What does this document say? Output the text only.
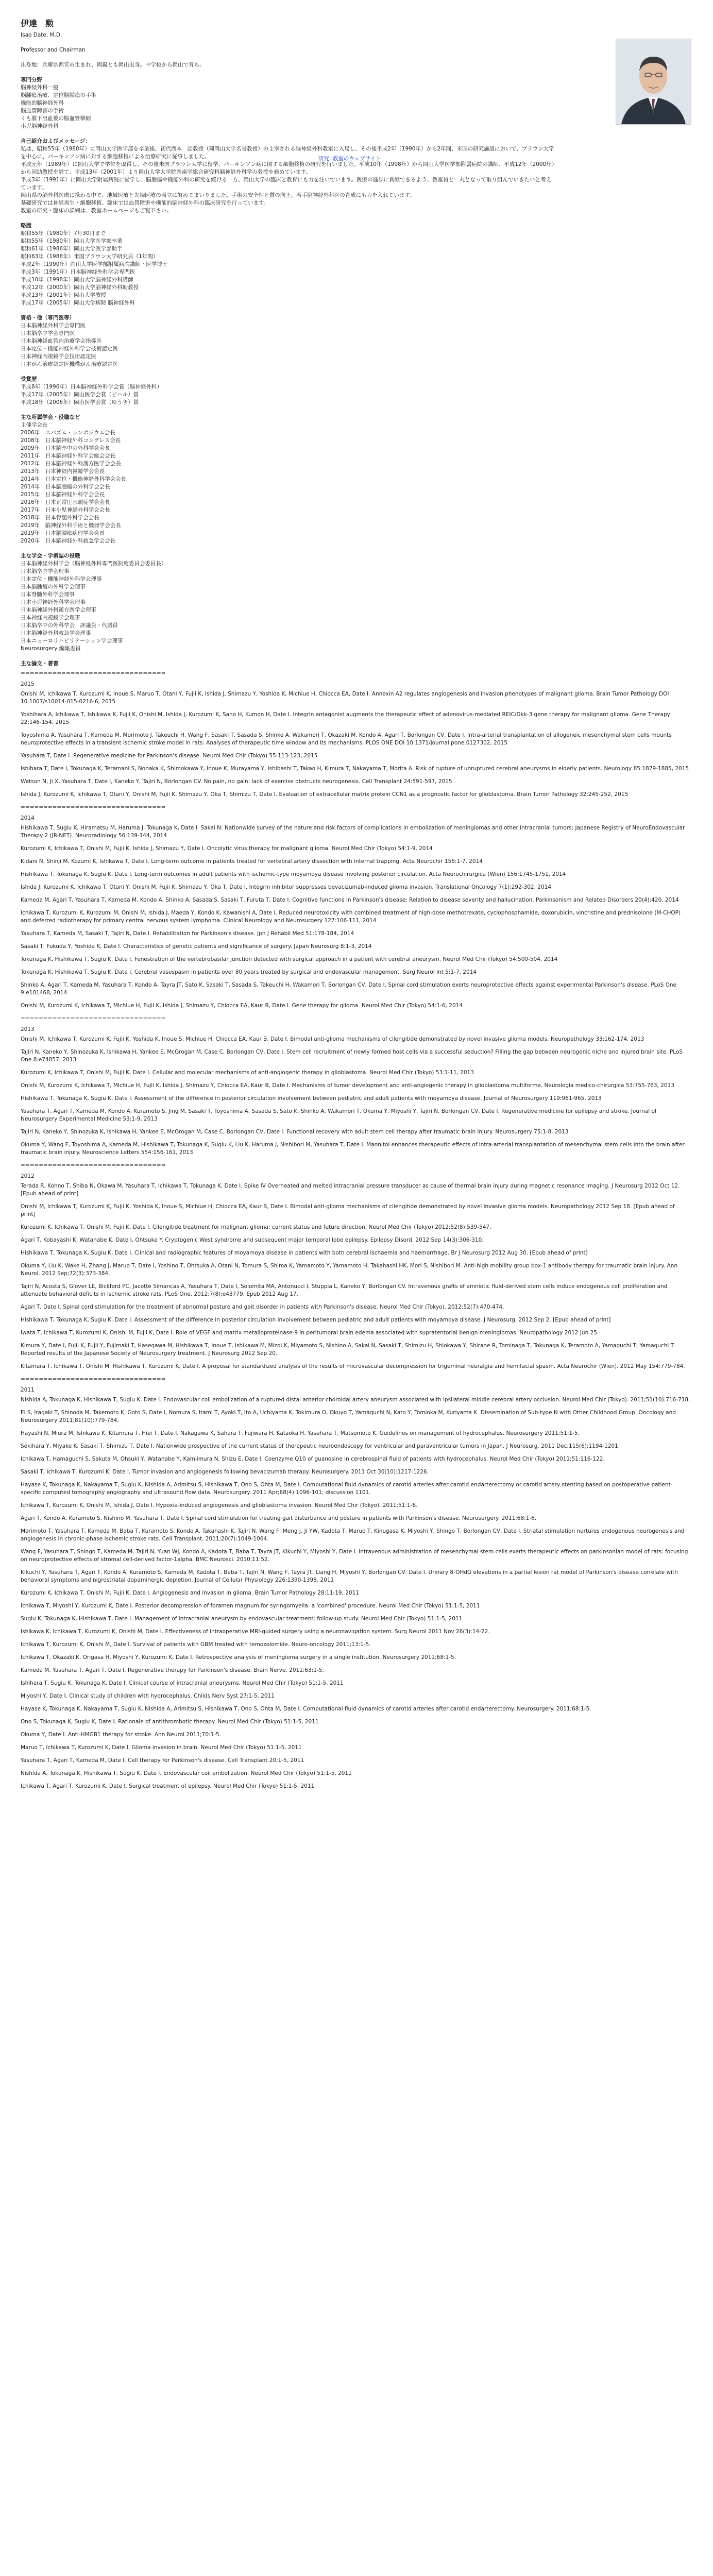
伊達　勲

Isao Date, M.D.

Professor and Chairman

出身地：兵庫県西宮市生まれ、両親とも岡山出身。中学校から岡山で育ち。

専門分野

脳神経外科一般

脳腫瘍治療、定位脳腫瘍の手術

機能的脳神経外科

脳血管障害の手術

くも膜下出血後の脳血管攣縮

小児脳神経外科

自己紹介およびメッセージ：

私は、昭和55年（1980年）に岡山大学医学部を卒業後、初代西本　詮教授（岡岡山大学名誉教授）の主宰される脳神経外科教室に入局し、その後平成2年（1990年）から2年間、米国の研究施設において、ブラウン大学を中心に、パーキンソン病に対する細胞移植による治療研究に従事しました。

平成元年（1989年）に岡山大学で学位を取得し、その後米国ブラウン大学に留学、パーキンソン病に関する細胞移植の研究を行いました。平成10年（1998年）から岡山大学医学部附属病院の講師、平成12年（2000年）から同助教授を経て、平成13年（2001年）より岡山大学大学院医歯学総合研究科脳神経外科学の教授を務めています。

平成3年（1991年）に岡山大学附属病院に帰学し、脳腫瘍や機能外科の研究を続ける一方、岡山大学の臨床と教育にも力を注いでいます。医療の進歩に貢献できるよう、教室員と一丸となって取り組んでいきたいと考えています。

岡山県の脳外科医療に携わる中で、地域医療と先端医療の両立に努めてまいりました。手術の安全性と質の向上、若手脳神経外科医の育成にも力を入れています。

基礎研究では神経再生・細胞移植、臨床では血管障害や機能的脳神経外科の臨床研究を行っています。

教室の研究・臨床の詳細は、教室ホームページもご覧下さい。

略歴

昭和55年（1980年）7月30日まで

昭和55年（1980年）岡山大学医学部卒業

昭和61年（1986年）岡山大学医学部助手

昭和63年（1988年）米国ブラウン大学研究員（1年間）

平成2年（1990年）岡山大学医学部附属病院講師・医学博士

平成3年（1991年）日本脳神経外科学会専門医

平成10年（1998年）岡山大学脳神経外科講師

平成12年（2000年）岡山大学脳神経外科助教授

平成13年（2001年）岡山大学教授

平成17年（2005年）岡山大学病院 脳神経外科

資格・他（専門医等）

日本脳神経外科学会専門医

日本脳卒中学会専門医

日本脳神経血管内治療学会指導医

日本定位・機能神経外科学会技術認定医

日本神経内視鏡学会技術認定医

日本がん治療認定医機構がん治療認定医

受賞歴

平成8年（1996年）日本脳神経外科学会賞（脳神経外科）

平成17年（2005年）岡山医学会賞（ビハル）賞

平成18年（2006年）岡山医学会賞（ゆうき）賞

主な所属学会・役職など

主催学会長

2006年　スパズム・シンポジウム会長

2008年　日本脳神経外科コングレス会長

2009年　日本脳卒中の外科学会会長

2011年　日本脳神経外科学会総会会長

2012年　日本脳神経外科漢方医学会会長

2013年　日本神経内視鏡学会会長

2014年　日本定位・機能神経外科学会会長

2014年　日本脳腫瘍の外科学会会長

2015年　日本脳神経外科学会会長

2016年　日本正常圧水頭症学会会長

2017年　日本小児神経外科学会会長

2018年　日本脊髄外科学会会長

2019年　脳神経外科手術と機器学会会長

2019年　日本脳腫瘍病理学会会長

2020年　日本脳神経外科救急学会会長

主な学会・学術誌の役職

日本脳神経外科学会（脳神経外科専門医制度委員会委員長）

日本脳卒中学会理事

日本定位・機能神経外科学会理事

日本脳腫瘍の外科学会理事

日本脊髄外科学会理事

日本小児神経外科学会理事

日本脳神経外科漢方医学会理事

日本神経内視鏡学会理事

日本脳卒中の外科学会　評議員・代議員

日本脳神経外科救急学会理事

日本ニューロリハビリテーション学会理事

Neurosurgery 編集委員

主な論文・著書

================================

2015

Onishi M, Ichikawa T, Kurozumi K, Inoue S, Maruo T, Otani Y, Fujii K, Ishida J, Shimazu Y, Yoshida K, Michiue H, Chiocca EA, Date I. Annexin A2 regulates angiogenesis and invasion phenotypes of malignant glioma. Brain Tumor Pathology DOI 10.1007/s10014-015-0216-6, 2015

Yoshihara A, Ichikawa T, Ishikawa K, Fujii K, Onishi M, Ishida J, Kurozumi K, Sano H, Kumon H, Date I. Integrin antagonist augments the therapeutic effect of adenovirus-mediated REIC/Dkk-3 gene therapy for malignant glioma. Gene Therapy 22:146-154, 2015

Toyoshima A, Yasuhara T, Kameda M, Morimoto J, Takeuchi H, Wang F, Sasaki T, Sasada S, Shinko A, Wakamori T, Okazaki M, Kondo A, Agari T, Borlongan CV, Date I. Intra-arterial transplantation of allogeneic mesenchymal stem cells mounts neuroprotective effects in a transient ischemic stroke model in rats: Analyses of therapeutic time window and its mechanisms. PLOS ONE DOI 10.1371/journal.pone.0127302, 2015

Yasuhara T, Date I. Regenerative medicine for Parkinson's disease. Neurol Med Chir (Tokyo) 55:113-123, 2015

Ishihara T, Date I, Tokunaga K, Teramani S, Nonaka K, Shimokawa Y, Inoue K, Murayama Y, Ishibashi T, Takao H, Kimura T, Nakayama T, Morita A. Risk of rupture of unruptured cerebral aneurysms in elderly patients. Neurology 85:1879-1885, 2015

Watson N, Ji X, Yasuhara T, Date I, Kaneko Y, Tajiri N, Borlongan CV. No pain, no gain: lack of exercise obstructs neurogenesis. Cell Transplant 24:591-597, 2015

Ishida J, Kurozumi K, Ichikawa T, Otani Y, Onishi M, Fujii K, Shimazu Y, Oka T, Shimizu T, Date I. Evaluation of extracellular matrix protein CCN1 as a prognostic factor for glioblastoma. Brain Tumor Pathology 32:245-252, 2015

================================

2014

Hishikawa T, Sugiu K, Hiramatsu M, Haruma J, Tokunaga K, Date I. Sakai N: Nationwide survey of the nature and risk factors of complications in embolization of meningiomas and other intracranial tumors: Japanese Registry of NeuroEndovascular Therapy 2 (JR-NET). Neuroradiology 56:139-144, 2014

Kurozumi K, Ichikawa T, Onishi M, Fujii K, Ishida J, Shimazu Y, Date I. Oncolytic virus therapy for malignant glioma. Neurol Med Chir (Tokyo) 54:1-9, 2014

Kidani N, Shinji M, Kozumi K, Ishikawa T, Date I. Long-term outcome in patients treated for vertebral artery dissection with internal trapping. Acta Neurochir 156:1-7, 2014

Hishikawa T, Tokunaga K, Sugiu K, Date I. Long-term outcomes in adult patients with ischemic-type moyamoya disease involving posterior circulation. Acta Neurochirurgica (Wien) 156:1745-1751, 2014

Ishida J, Kurozumi K, Ichikawa T, Otani Y, Onishi M, Fujii K, Shimazu Y, Oka T, Date I. Integrin inhibitor suppresses bevacizumab-induced glioma invasion. Translational Oncology 7(1):292-302, 2014

Kameda M, Agari T, Yasuhara T, Kameda M, Kondo A, Shinko A, Sasada S, Sasaki T, Furuta T, Date I. Cognitive functions in Parkinson's disease: Relation to disease severity and hallucination. Parkinsonism and Related Disorders 20(4):420, 2014

Ichikawa T, Kurozumi K, Kurozumi M, Onishi M, Ishida J, Maeda Y, Kondo K, Kawanishi A, Date I. Reduced neurotoxicity with combined treatment of high-dose methotrexate, cyclophosphamide, doxorubicin, vincristine and prednisolone (M-CHOP) and deferred radiotherapy for primary central nervous system lymphoma. Clinical Neurology and Neurosurgery 127:106-111, 2014

Yasuhara T, Kameda M, Sasaki T, Tajiri N, Date I. Rehabilitation for Parkinson's disease. Jpn J Rehabil Med 51:178-184, 2014

Sasaki T, Fukuda Y, Yoshida K, Date I. Characteristics of genetic patients and significance of surgery. Japan Neurosurg 8:1-3, 2014

Tokunaga K, Hishikawa T, Sugiu K, Date I. Fenestration of the vertebrobasilar junction detected with surgical approach in a patient with cerebral aneurysm. Neurol Med Chir (Tokyo) 54:500-504, 2014

Tokunaga K, Hishikawa T, Sugiu K, Date I. Cerebral vasospasm in patients over 80 years treated by surgical and endovascular management. Surg Neurol Int 5:1-7, 2014

Shinko A, Agari T, Kameda M, Yasuhara T, Kondo A, Tayra JT, Sato K, Sasaki T, Sasada S, Takeuchi H, Wakamori T, Borlongan CV, Date I. Spinal cord stimulation exerts neuroprotective effects against experimental Parkinson's disease. PLoS One 9:e101468, 2014

Onishi M, Kurozumi K, Ichikawa T, Michiue H, Fujii K, Ishida J, Shimazu Y, Chiocca EA, Kaur B, Date I. Gene therapy for glioma. Neurol Med Chir (Tokyo) 54:1-6, 2014

================================

2013

Onishi M, Ichikawa T, Kurozumi K, Fujii K, Yoshida K, Inoue S, Michiue H, Chiocca EA, Kaur B, Date I. Bimodal anti-glioma mechanisms of cilengitide demonstrated by novel invasive glioma models. Neuropathology 33:162-174, 2013

Tajiri N, Kaneko Y, Shinozuka K, Ishikawa H, Yankee E, McGrogan M, Case C, Borlongan CV, Date I. Stem cell recruitment of newly formed host cells via a successful seduction? Filling the gap between neurogenic niche and injured brain site. PLoS One 8:e74857, 2013

Kurozumi K, Ichikawa T, Onishi M, Fujii K, Date I. Cellular and molecular mechanisms of anti-angiogenic therapy in glioblastoma. Neurol Med Chir (Tokyo) 53:1-11, 2013

Onishi M, Kurozumi K, Ichikawa T, Michiue H, Fujii K, Ishida J, Shimazu Y, Chiocca EA, Kaur B, Date I. Mechanisms of tumor development and anti-angiogenic therapy in glioblastoma multiforme. Neurologia medico-chirurgica 53:755-763, 2013

Hishikawa T, Tokunaga K, Sugiu K, Date I. Assessment of the difference in posterior circulation involvement between pediatric and adult patients with moyamoya disease. Journal of Neurosurgery 119:961-965, 2013

Yasuhara T, Agari T, Kameda M, Kondo A, Kuramoto S, Jing M, Sasaki T, Toyoshima A, Sasada S, Sato K, Shinko A, Wakamori T, Okuma Y, Miyoshi Y, Tajiri N, Borlongan CV, Date I. Regenerative medicine for epilepsy and stroke. Journal of Neurosurgery Experimental Medicine 53:1-9, 2013

Tajiri N, Kaneko Y, Shinozuka K, Ishikawa H, Yankee E, McGrogan M, Case C, Borlongan CV, Date I. Functional recovery with adult stem cell therapy after traumatic brain injury. Neurosurgery 75:1-8, 2013

Okuma Y, Wang F, Toyoshima A, Kameda M, Hishikawa T, Tokunaga K, Sugiu K, Liu K, Haruma J, Nishibori M, Yasuhara T, Date I. Mannitol enhances therapeutic effects of intra-arterial transplantation of mesenchymal stem cells into the brain after traumatic brain injury. Neuroscience Letters 554:156-161, 2013

================================

2012

Terada R, Kohno T, Shiba N, Okawa M, Yasuhara T, Ichikawa T, Tokunaga K, Date I. Spike IV Overheated and melted intracranial pressure transducer as cause of thermal brain injury during magnetic resonance imaging. J Neurosurg 2012 Oct 12. [Epub ahead of print]

Onishi M, Ichikawa T, Kurozumi K, Fujii K, Yoshida K, Inoue S, Michiue H, Chiocca EA, Kaur B, Date I. Bimodal anti-glioma mechanisms of cilengitide demonstrated by novel invasive glioma models. Neuropathology 2012 Sep 18. [Epub ahead of print]

Kurozumi K, Ichikawa T, Onishi M, Fujii K, Date I. Cilengitide treatment for malignant glioma: current status and future direction. Neurol Med Chir (Tokyo) 2012;52(8):539-547.

Agari T, Kobayashi K, Watanabe K, Date I, Ohtsuka Y. Cryptogenic West syndrome and subsequent major temporal lobe epilepsy. Epilepsy Disord. 2012 Sep 14(3):306-310.

Hishikawa T, Tokunaga K, Sugiu K, Date I. Clinical and radiographic features of moyamoya disease in patients with both cerebral ischaemia and haemorrhage. Br J Neurosurg 2012 Aug 30. [Epub ahead of print]

Okuma Y, Liu K, Wake H, Zhang J, Maruo T, Date I, Yoshino T, Ohtsuka A, Otani N, Tomura S, Shima K, Yamamoto Y, Yamamoto H, Takahashi HK, Mori S, Nishibori M. Anti-high mobility group box-1 antibody therapy for traumatic brain injury. Ann Neurol. 2012 Sep;72(3):373-384.

Tajiri N, Acosta S, Glover LE, Bickford PC, Jacotte Simancas A, Yasuhara T, Date I, Solomita MA, Antonucci I, Stuppia L, Kaneko Y, Borlongan CV. Intravenous grafts of amniotic fluid-derived stem cells induce endogenous cell proliferation and attenuate behavioral deficits in ischemic stroke rats. PLoS One. 2012;7(8):e43779. Epub 2012 Aug 17.

Agari T, Date I. Spinal cord stimulation for the treatment of abnormal posture and gait disorder in patients with Parkinson's disease. Neurol Med Chir (Tokyo). 2012;52(7):470-474.

Hishikawa T, Tokunaga K, Sugiu K, Date I. Assessment of the difference in posterior circulation involvement between pediatric and adult patients with moyamoya disease. J Neurosurg. 2012 Sep 2. [Epub ahead of print]

Iwata T, Ichikawa T, Kurozumi K, Onishi M, Fujii K, Date I. Role of VEGF and matrix metalloproteinase-9 in peritumoral brain edema associated with supratentorial benign meningiomas. Neuropathology 2012 Jun 25.

Kimura Y, Date I, Fujii K, Fujii Y, Fujimaki T, Hasegawa M, Hishikawa T, Inoue T, Ishikawa M, Mizoi K, Miyamoto S, Nishino A, Sakai N, Sasaki T, Shimizu H, Shiokawa Y, Shirane R, Tominaga T, Tokunaga K, Teramoto A, Yamaguchi T, Yamaguchi T. Reported results of the Japanese Society of Neurosurgery treatment. J Neurosurg 2012 Sep 20.

Kitamura T, Ichikawa T, Onishi M, Hishikawa T, Kurozumi K, Date I. A proposal for standardized analysis of the results of microvascular decompression for trigeminal neuralgia and hemifacial spasm. Acta Neurochir (Wien). 2012 May 154:779-784.

================================

2011

Nishida A, Tokunaga K, Hishikawa T, Sugiu K, Date I. Endovascular coil embolization of a ruptured distal anterior choroidal artery aneurysm associated with ipsilateral middle cerebral artery occlusion. Neurol Med Chir (Tokyo). 2011;51(10):716-718.

Ei S, Iragaki T, Shinoda M, Takemoto K, Goto S, Date I, Nomura S, Itami T, Ayoki T, Ito A, Uchiyama K, Tokimura O, Okuyo T, Yamaguchi N, Kato Y, Tomioka M, Kuriyama K. Dissemination of Sub-type N with Other Childhood Group. Oncology and Neurosurgery 2011;81(10):779-784.

Hayashi N, Miura M, Ishikawa K, Kitamura T, Hiei T, Date I, Nakagawa K, Sahara T, Fujiwara H, Kataoka H, Yasuhara T, Matsumoto K. Guidelines on management of hydrocephalus. Neurosurgery 2011;51:1-5.

Sekihara Y, Miyake K, Sasaki T, Shimizu T, Date I. Nationwide prospective of the current status of therapeutic neuroendoscopy for ventricular and paraventricular tumors in Japan. J Neurosurg. 2011 Dec;115(6):1194-1201.

Ichikawa T, Hamaguchi S, Sakuta M, Ohsuki Y, Watanabe Y, Kamiimura N, Shizu E, Date I. Coenzyme Q10 of guanosine in cerebrospinal fluid of patients with hydrocephalus. Neurol Med Chir (Tokyo) 2011;51:116-122.

Sasaki T, Ichikawa T, Kurozumi K, Date I. Tumor invasion and angiogenesis following bevacizumab therapy. Neurosurgery. 2011 Oct 30(10):1217-1226.

Hayase K, Tokunaga K, Nakayama T, Sugiu K, Nishida A, Arimitsu S, Hishikawa T, Ono S, Ohta M, Date I. Computational fluid dynamics of carotid arteries after carotid endarterectomy or carotid artery stenting based on postoperative patient-specific computed tomography angiography and ultrasound flow data. Neurosurgery. 2011 Apr;68(4):1096-101; discussion 1101.

Ichikawa T, Kurozumi K, Onishi M, Ishida J, Date I. Hypoxia-induced angiogenesis and glioblastoma invasion. Neurol Med Chir (Tokyo). 2011;51:1-6.

Agari T, Kondo A, Kuramoto S, Nishino M, Yasuhara T, Date I. Spinal cord stimulation for treating gait disturbance and posture in patients with Parkinson's disease. Neurosurgery. 2011;68:1-6.

Morimoto T, Yasuhara T, Kameda M, Baba T, Kuramoto S, Kondo A, Takahashi K, Tajiri N, Wang F, Meng J, Ji YW, Kadota T, Maruo T, Kinugasa K, Miyoshi Y, Shingo T, Borlongan CV, Date I. Striatal stimulation nurtures endogenous neurogenesis and angiogenesis in chronic-phase ischemic stroke rats. Cell Transplant. 2011;20(7):1049-1064.

Wang F, Yasuhara T, Shingo T, Kameda M, Tajiri N, Yuan WJ, Kondo A, Kadota T, Baba T, Tayra JT, Kikuchi Y, Miyoshi Y, Date I. Intravenous administration of mesenchymal stem cells exerts therapeutic effects on parkinsonian model of rats: focusing on neuroprotective effects of stromal cell-derived factor-1alpha. BMC Neurosci. 2010;11:52.

Kikuchi Y, Yasuhara T, Agari T, Kondo A, Kuramoto S, Kameda M, Kadota T, Baba T, Tajiri N, Wang F, Tayra JT, Liang H, Miyoshi Y, Borlongan CV, Date I. Urinary 8-OHdG elevations in a partial lesion rat model of Parkinson's disease correlate with behavioral symptoms and nigrostriatal dopaminergic depletion. Journal of Cellular Physiology 226:1390-1398, 2011

Kurozumi K, Ichikawa T, Onishi M, Fujii K, Date I. Angiogenesis and invasion in glioma. Brain Tumor Pathology 28:11-19, 2011

Ichikawa T, Miyoshi Y, Kurozumi K, Date I. Posterior decompression of foramen magnum for syringomyelia: a 'combined' procedure. Neurol Med Chir (Tokyo) 51:1-5, 2011

Sugiu K, Tokunaga K, Hishikawa T, Date I. Management of intracranial aneurysm by endovascular treatment: follow-up study. Neurol Med Chir (Tokyo) 51:1-5, 2011

Ishikawa K, Ichikawa T, Kurozumi K, Onishi M, Date I. Effectiveness of intraoperative MRI-guided surgery using a neuronavigation system. Surg Neurol 2011 Nov 26(3):14-22.

Ichikawa T, Kurozumi K, Onishi M, Date I. Survival of patients with GBM treated with temozolomide. Neuro-oncology 2011;13:1-5.

Ichikawa T, Okazaki K, Origasa H, Miyoshi Y, Kurozumi K, Date I. Retrospective analysis of meningioma surgery in a single institution. Neurosurgery 2011;68:1-5.

Kameda M, Yasuhara T, Agari T, Date I. Regenerative therapy for Parkinson's disease. Brain Nerve. 2011;63:1-5.

Ishihara T, Sugiu K, Tokunaga K, Date I. Clinical course of intracranial aneurysms. Neurol Med Chir (Tokyo) 51:1-5, 2011

Miyoshi Y, Date I. Clinical study of children with hydrocephalus. Childs Nerv Syst 27:1-5, 2011

Hayase K, Tokunaga K, Nakayama T, Sugiu K, Nishida A, Arimitsu S, Hishikawa T, Ono S, Ohta M, Date I. Computational fluid dynamics of carotid arteries after carotid endarterectomy. Neurosurgery. 2011;68:1-5.

Ono S, Tokunaga K, Sugiu K, Date I. Rationale of antithrombotic therapy. Neurol Med Chir (Tokyo) 51:1-5, 2011

Okuma Y, Date I. Anti-HMGB1 therapy for stroke. Ann Neurol 2011;70:1-5.

Maruo T, Ichikawa T, Kurozumi K, Date I. Glioma invasion in brain. Neurol Med Chir (Tokyo) 51:1-5, 2011

Yasuhara T, Agari T, Kameda M, Date I. Cell therapy for Parkinson's disease. Cell Transplant 20:1-5, 2011

Nishida A, Tokunaga K, Hishikawa T, Sugiu K, Date I. Endovascular coil embolization. Neurol Med Chir (Tokyo) 51:1-5, 2011

Ichikawa T, Agari T, Kurozumi K, Date I. Surgical treatment of epilepsy. Neurol Med Chir (Tokyo) 51:1-5, 2011

研究 :教室のウェブサイト
